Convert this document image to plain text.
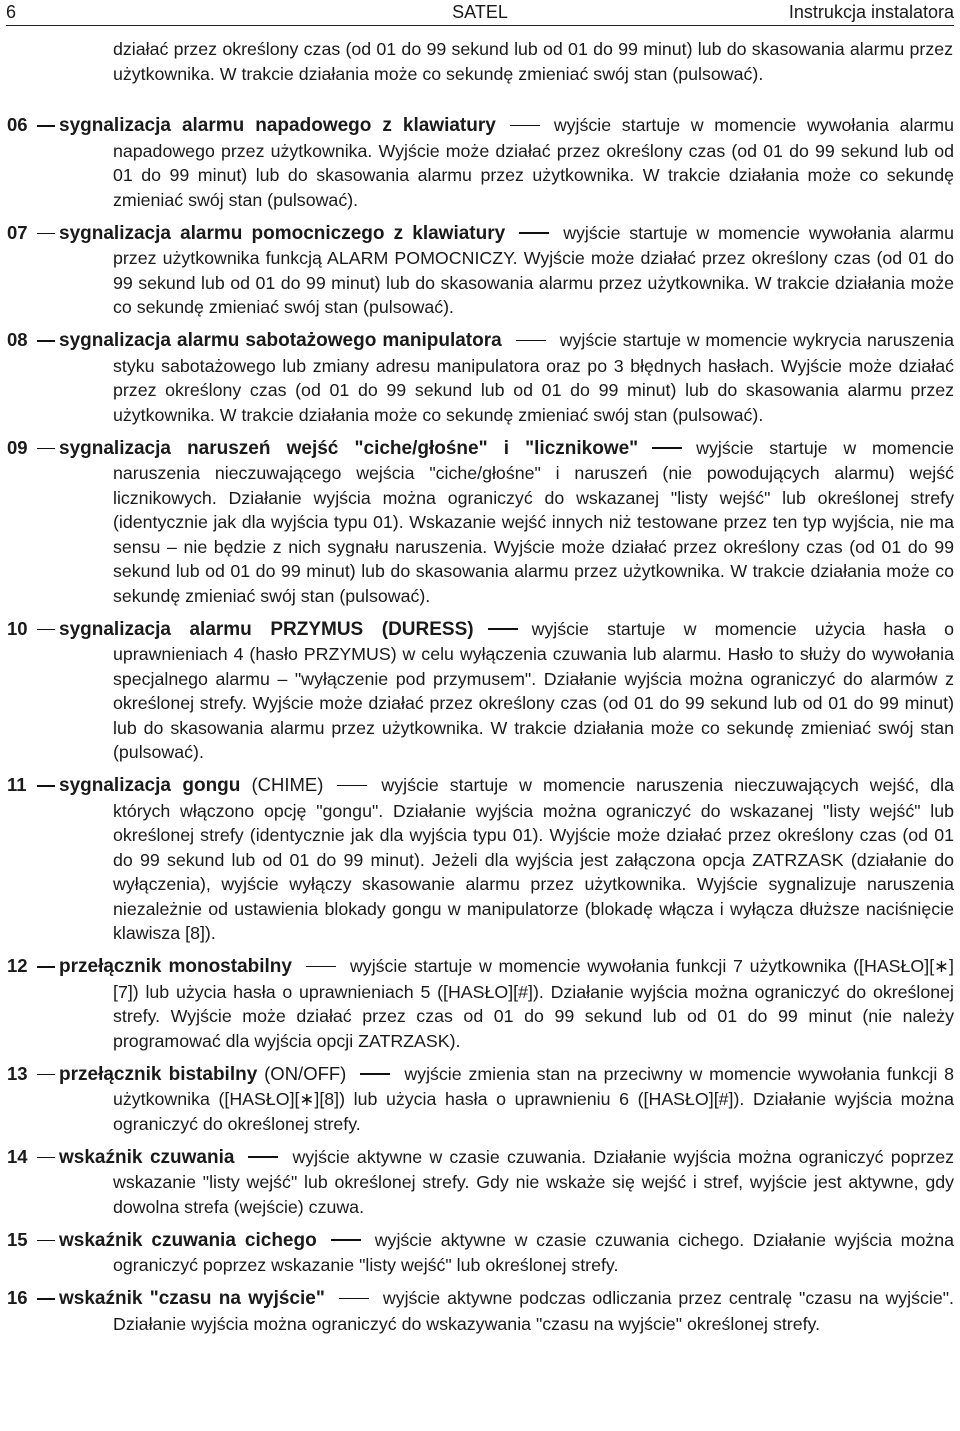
6	SATEL	Instrukcja instalatora

działać przez określony czas (od 01 do 99 sekund lub od 01 do 99 minut) lub do skasowania alarmu przez użytkownika. W trakcie działania może co sekundę zmieniać swój stan (pulsować).

06 sygnalizacja alarmu napadowego z klawiatury	wyjście startuje w momencie wywołania alarmu napadowego przez użytkownika. Wyjście może działać przez określony czas (od 01 do 99 sekund lub od 01 do 99 minut) lub do skasowania alarmu przez użytkownika. W trakcie działania może co sekundę zmieniać swój stan (pulsować).

07 sygnalizacja alarmu pomocniczego z klawiatury	wyjście startuje w momencie wywołania alarmu przez użytkownika funkcją ALARM POMOCNICZY. Wyjście może działać przez określony czas (od 01 do 99 sekund lub od 01 do 99 minut) lub do skasowania alarmu przez użytkownika. W trakcie działania może co sekundę zmieniać swój stan (pulsować).

08 sygnalizacja alarmu sabotażowego manipulatora	wyjście startuje w momencie wykrycia naruszenia styku sabotażowego lub zmiany adresu manipulatora oraz po 3 błędnych hasłach. Wyjście może działać przez określony czas (od 01 do 99 sekund lub od 01 do 99 minut) lub do skasowania alarmu przez użytkownika. W trakcie działania może co sekundę zmieniać swój stan (pulsować).

09 sygnalizacja naruszeń wejść "ciche/głośne" i "licznikowe"	wyjście startuje w momencie naruszenia nieczuwającego wejścia "ciche/głośne" i naruszeń (nie powodujących alarmu) wejść licznikowych. Działanie wyjścia można ograniczyć do wskazanej "listy wejść" lub określonej strefy (identycznie jak dla wyjścia typu 01). Wskazanie wejść innych niż testowane przez ten typ wyjścia, nie ma sensu – nie będzie z nich sygnału naruszenia. Wyjście może działać przez określony czas (od 01 do 99 sekund lub od 01 do 99 minut) lub do skasowania alarmu przez użytkownika. W trakcie działania może co sekundę zmieniać swój stan (pulsować).

10 sygnalizacja alarmu PRZYMUS (DURESS)	wyjście startuje w momencie użycia hasła o uprawnieniach 4 (hasło PRZYMUS) w celu wyłączenia czuwania lub alarmu. Hasło to służy do wywołania specjalnego alarmu – "wyłączenie pod przymusem". Działanie wyjścia można ograniczyć do alarmów z określonej strefy. Wyjście może działać przez określony czas (od 01 do 99 sekund lub od 01 do 99 minut) lub do skasowania alarmu przez użytkownika. W trakcie działania może co sekundę zmieniać swój stan (pulsować).

11 sygnalizacja gongu (CHIME)	wyjście startuje w momencie naruszenia nieczuwających wejść, dla których włączono opcję "gongu". Działanie wyjścia można ograniczyć do wskazanej "listy wejść" lub określonej strefy (identycznie jak dla wyjścia typu 01). Wyjście może działać przez określony czas (od 01 do 99 sekund lub od 01 do 99 minut). Jeżeli dla wyjścia jest załączona opcja ZATRZASK (działanie do wyłączenia), wyjście wyłączy skasowanie alarmu przez użytkownika. Wyjście sygnalizuje naruszenia niezależnie od ustawienia blokady gongu w manipulatorze (blokadę włącza i wyłącza dłuższe naciśnięcie klawisza [8]).

12 przełącznik monostabilny	wyjście startuje w momencie wywołania funkcji 7 użytkownika ([HASŁO][∗][7]) lub użycia hasła o uprawnieniach 5 ([HASŁO][#]). Działanie wyjścia można ograniczyć do określonej strefy. Wyjście może działać przez czas od 01 do 99 sekund lub od 01 do 99 minut (nie należy programować dla wyjścia opcji ZATRZASK).

13 przełącznik bistabilny (ON/OFF)	wyjście zmienia stan na przeciwny w momencie wywołania funkcji 8 użytkownika ([HASŁO][∗][8]) lub użycia hasła o uprawnieniu 6 ([HASŁO][#]). Działanie wyjścia można ograniczyć do określonej strefy.

14 wskaźnik czuwania	wyjście aktywne w czasie czuwania. Działanie wyjścia można ograniczyć poprzez wskazanie "listy wejść" lub określonej strefy. Gdy nie wskaże się wejść i stref, wyjście jest aktywne, gdy dowolna strefa (wejście) czuwa.

15 wskaźnik czuwania cichego	wyjście aktywne w czasie czuwania cichego. Działanie wyjścia można ograniczyć poprzez wskazanie "listy wejść" lub określonej strefy.

16 wskaźnik "czasu na wyjście"	wyjście aktywne podczas odliczania przez centralę "czasu na wyjście". Działanie wyjścia można ograniczyć do wskazywania "czasu na wyjście" określonej strefy.
